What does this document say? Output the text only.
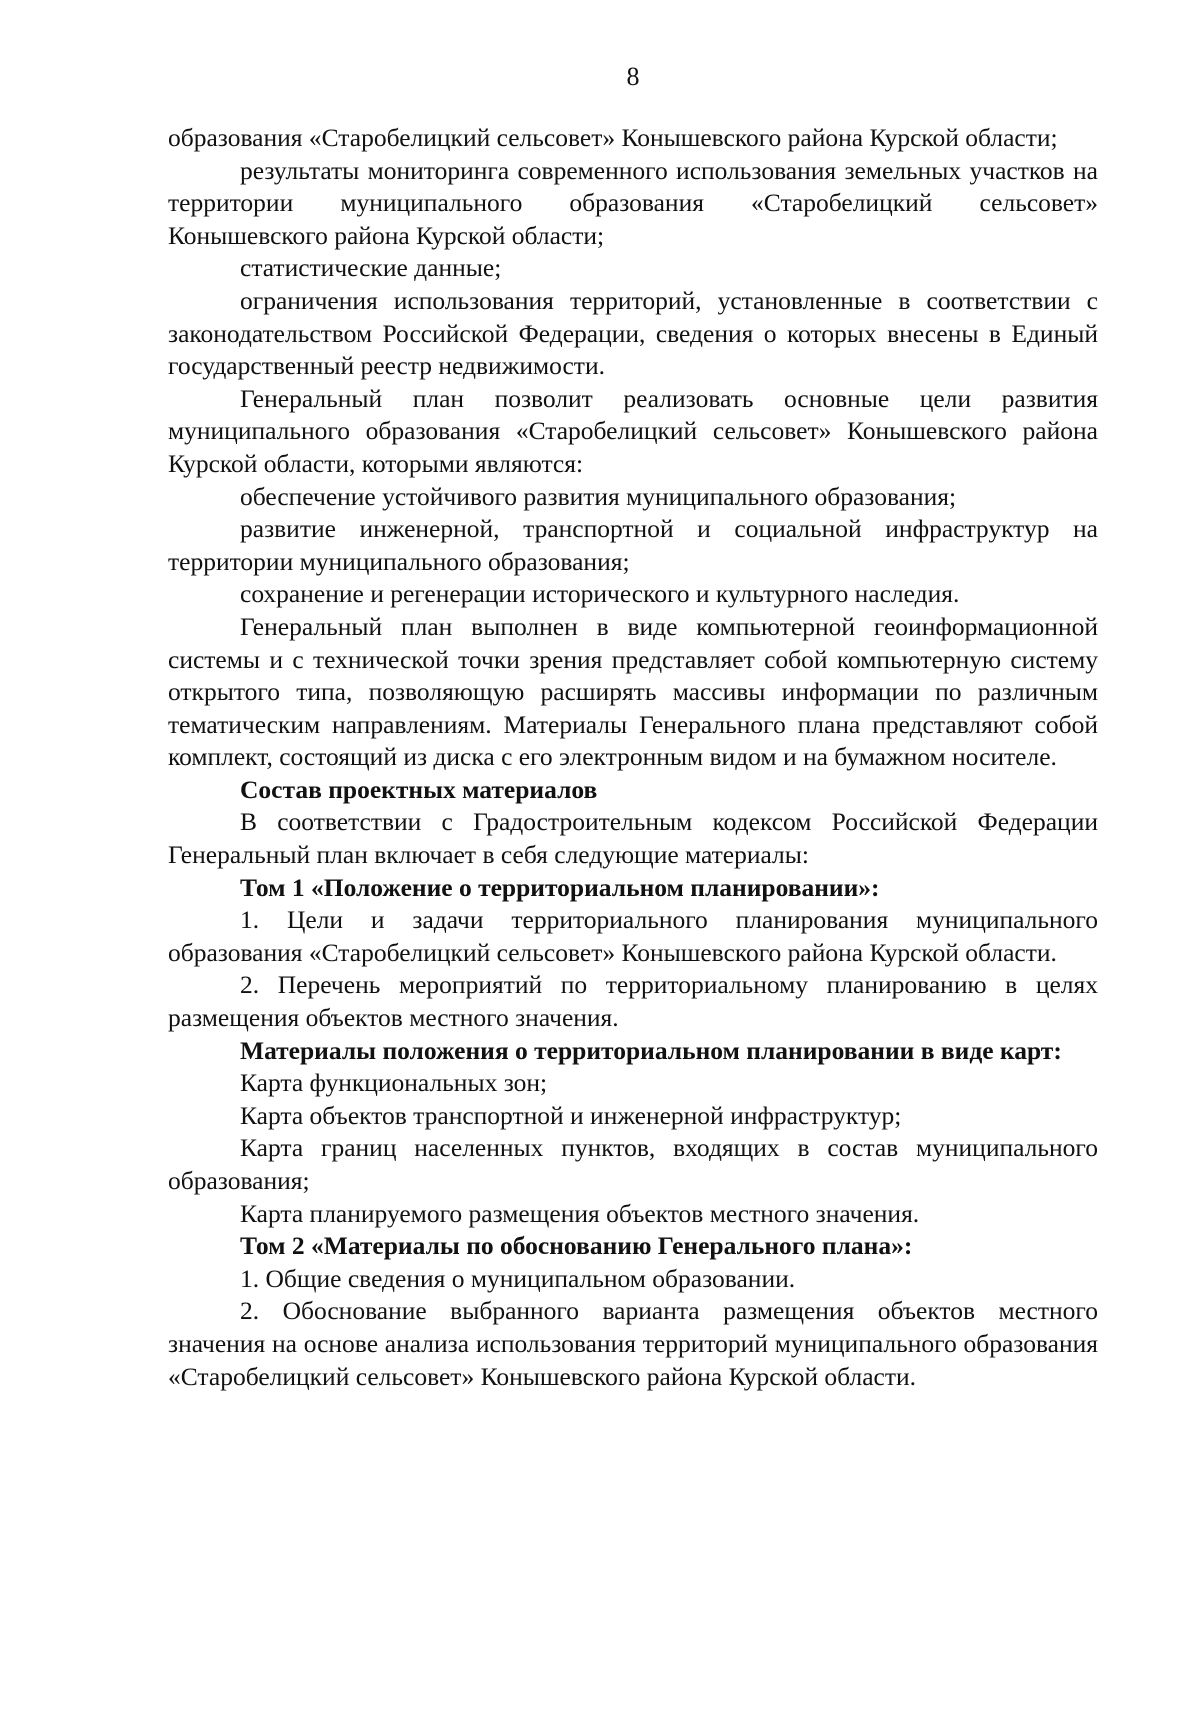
8

образования «Старобелицкий сельсовет» Конышевского района Курской области;

результаты мониторинга современного использования земельных участков на территории муниципального образования «Старобелицкий сельсовет» Конышевского района Курской области;

статистические данные;

ограничения использования территорий, установленные в соответствии с законодательством Российской Федерации, сведения о которых внесены в Единый государственный реестр недвижимости.

Генеральный план позволит реализовать основные цели развития муниципального образования «Старобелицкий сельсовет» Конышевского района Курской области, которыми являются:

обеспечение устойчивого развития муниципального образования;

развитие инженерной, транспортной и социальной инфраструктур на территории муниципального образования;

сохранение и регенерации исторического и культурного наследия.

Генеральный план выполнен в виде компьютерной геоинформационной системы и с технической точки зрения представляет собой компьютерную систему открытого типа, позволяющую расширять массивы информации по различным тематическим направлениям. Материалы Генерального плана представляют собой комплект, состоящий из диска с его электронным видом и на бумажном носителе.

Состав проектных материалов

В соответствии с Градостроительным кодексом Российской Федерации Генеральный план включает в себя следующие материалы:

Том 1 «Положение о территориальном планировании»:

1. Цели и задачи территориального планирования муниципального образования «Старобелицкий сельсовет» Конышевского района Курской области.

2. Перечень мероприятий по территориальному планированию в целях размещения объектов местного значения.

Материалы положения о территориальном планировании в виде карт:

Карта функциональных зон;

Карта объектов транспортной и инженерной инфраструктур;

Карта границ населенных пунктов, входящих в состав муниципального образования;

Карта планируемого размещения объектов местного значения.

Том 2 «Материалы по обоснованию Генерального плана»:

1. Общие сведения о муниципальном образовании.

2. Обоснование выбранного варианта размещения объектов местного значения на основе анализа использования территорий муниципального образования «Старобелицкий сельсовет» Конышевского района Курской области.
